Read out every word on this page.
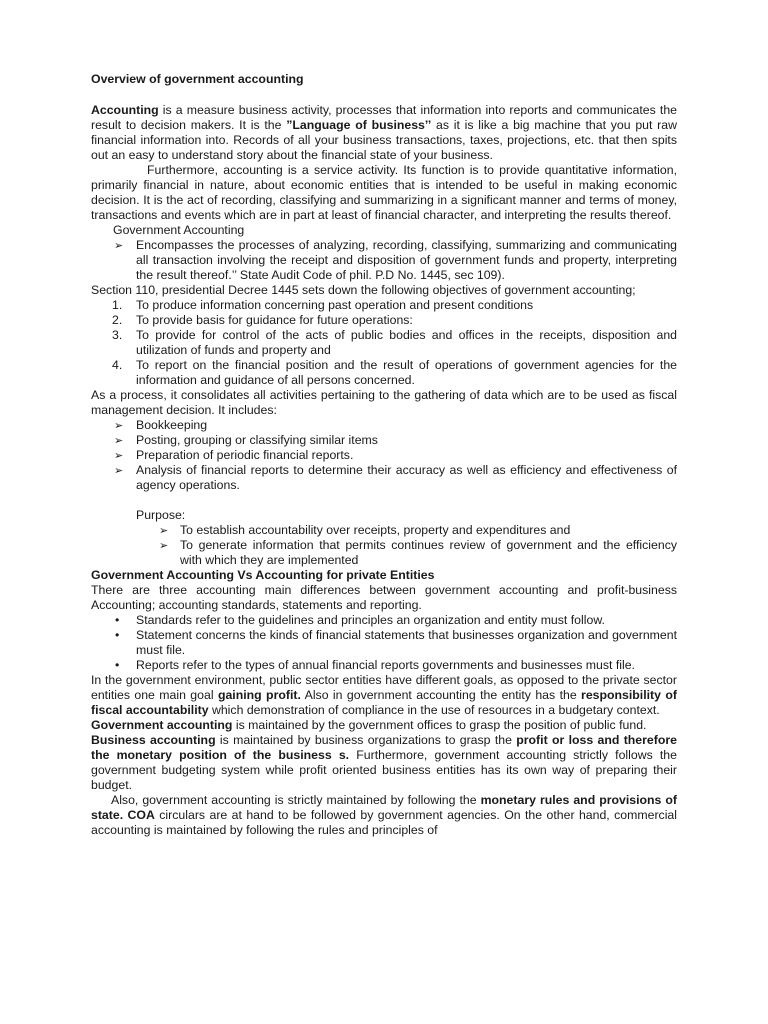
Overview of government accounting

Accounting is a measure business activity, processes that information into reports and communicates the result to decision makers. It is the ”Language of business’’ as it is like a big machine that you put raw financial information into. Records of all your business transactions, taxes, projections, etc. that then spits out an easy to understand story about the financial state of your business.

Furthermore, accounting is a service activity. Its function is to provide quantitative information, primarily financial in nature, about economic entities that is intended to be useful in making economic decision. It is the act of recording, classifying and summarizing in a significant manner and terms of money, transactions and events which are in part at least of financial character, and interpreting the results thereof.

Government Accounting

➢ Encompasses the processes of analyzing, recording, classifying, summarizing and communicating all transaction involving the receipt and disposition of government funds and property, interpreting the result thereof.’’ State Audit Code of phil. P.D No. 1445, sec 109).

Section 110, presidential Decree 1445 sets down the following objectives of government accounting;

1. To produce information concerning past operation and present conditions
2. To provide basis for guidance for future operations:
3. To provide for control of the acts of public bodies and offices in the receipts, disposition and utilization of funds and property and
4. To report on the financial position and the result of operations of government agencies for the information and guidance of all persons concerned.

As a process, it consolidates all activities pertaining to the gathering of data which are to be used as fiscal management decision. It includes:

➢ Bookkeeping
➢ Posting, grouping or classifying similar items
➢ Preparation of periodic financial reports.
➢ Analysis of financial reports to determine their accuracy as well as efficiency and effectiveness of agency operations.

Purpose:

➢ To establish accountability over receipts, property and expenditures and
➢ To generate information that permits continues review of government and the efficiency with which they are implemented

Government Accounting Vs Accounting for private Entities

There are three accounting main differences between government accounting and profit-business Accounting; accounting standards, statements and reporting.

• Standards refer to the guidelines and principles an organization and entity must follow.
• Statement concerns the kinds of financial statements that businesses organization and government must file.
• Reports refer to the types of annual financial reports governments and businesses must file.

In the government environment, public sector entities have different goals, as opposed to the private sector entities one main goal gaining profit. Also in government accounting the entity has the responsibility of fiscal accountability which demonstration of compliance in the use of resources in a budgetary context.

Government accounting is maintained by the government offices to grasp the position of public fund.

Business accounting is maintained by business organizations to grasp the profit or loss and therefore the monetary position of the business s. Furthermore, government accounting strictly follows the government budgeting system while profit oriented business entities has its own way of preparing their budget.

Also, government accounting is strictly maintained by following the monetary rules and provisions of state. COA circulars are at hand to be followed by government agencies. On the other hand, commercial accounting is maintained by following the rules and principles of
